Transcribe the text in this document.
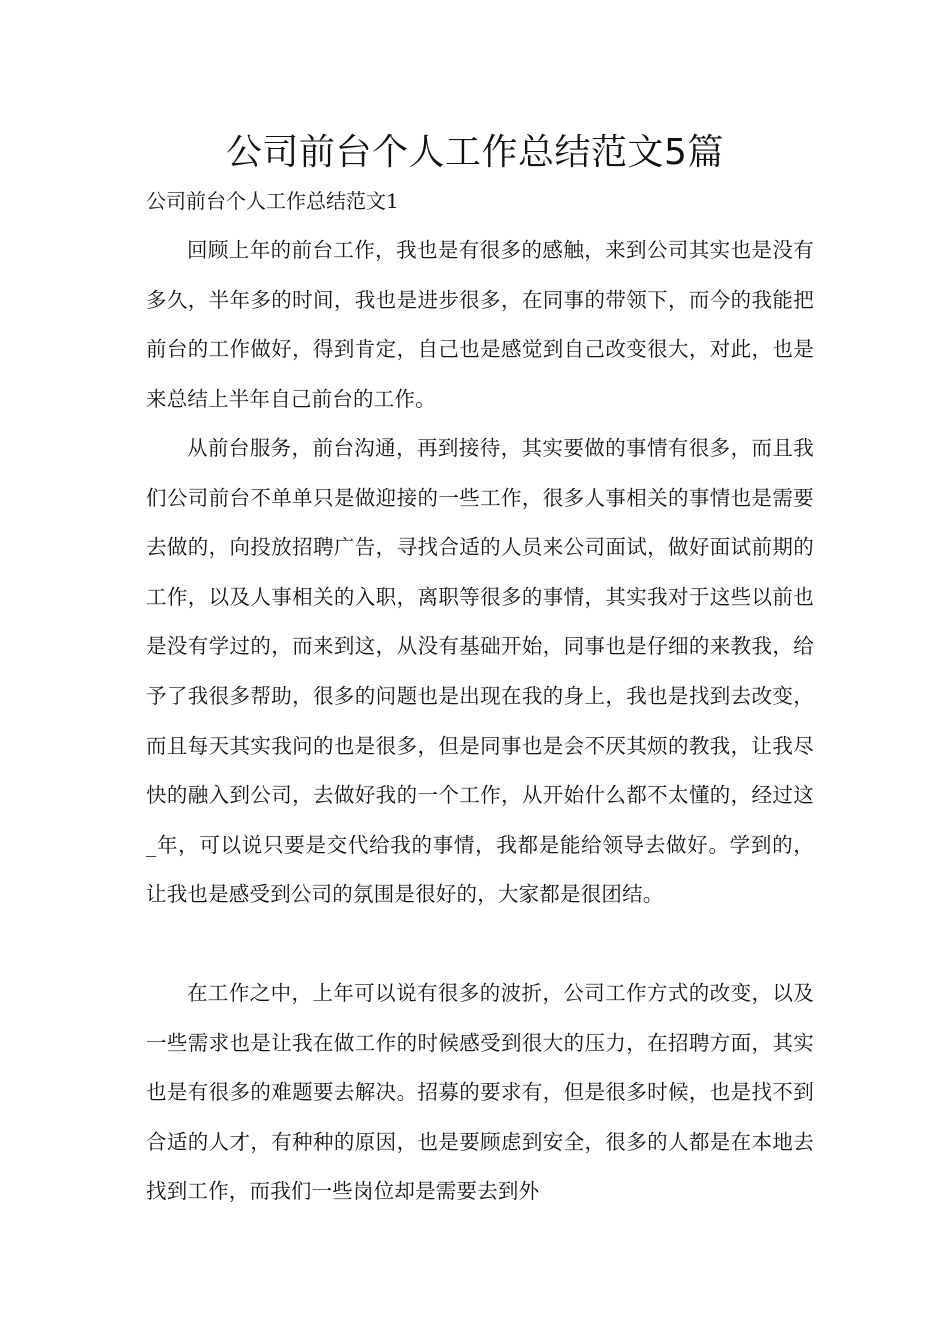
公司前台个人工作总结范文5篇

公司前台个人工作总结范文1

回顾上年的前台工作，我也是有很多的感触，来到公司其实也是没有多久，半年多的时间，我也是进步很多，在同事的带领下，而今的我能把前台的工作做好，得到肯定，自己也是感觉到自己改变很大，对此，也是来总结上半年自己前台的工作。

从前台服务，前台沟通，再到接待，其实要做的事情有很多，而且我们公司前台不单单只是做迎接的一些工作，很多人事相关的事情也是需要去做的，向投放招聘广告，寻找合适的人员来公司面试，做好面试前期的工作，以及人事相关的入职，离职等很多的事情，其实我对于这些以前也是没有学过的，而来到这，从没有基础开始，同事也是仔细的来教我，给予了我很多帮助，很多的问题也是出现在我的身上，我也是找到去改变，而且每天其实我问的也是很多，但是同事也是会不厌其烦的教我，让我尽快的融入到公司，去做好我的一个工作，从开始什么都不太懂的，经过这_年，可以说只要是交代给我的事情，我都是能给领导去做好。学到的，让我也是感受到公司的氛围是很好的，大家都是很团结。

在工作之中，上年可以说有很多的波折，公司工作方式的改变，以及一些需求也是让我在做工作的时候感受到很大的压力，在招聘方面，其实也是有很多的难题要去解决。招募的要求有，但是很多时候，也是找不到合适的人才，有种种的原因，也是要顾虑到安全，很多的人都是在本地去找到工作，而我们一些岗位却是需要去到外
